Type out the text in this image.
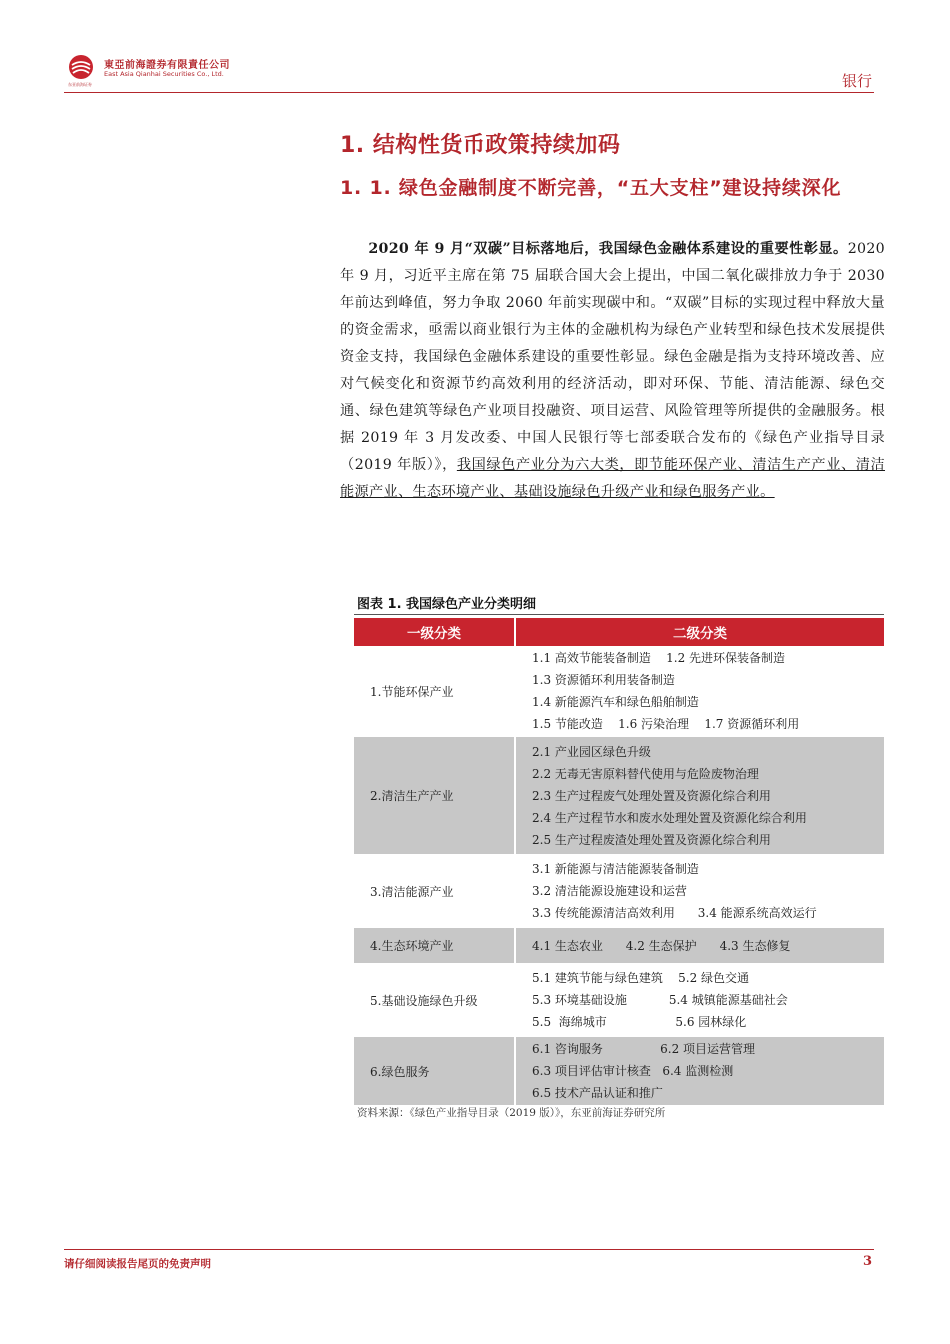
東亞前海證券有限責任公司
East Asia Qianhai Securities Co., Ltd.
东亚前海证券	银行
1. 结构性货币政策持续加码
1. 1. 绿色金融制度不断完善，“五大支柱”建设持续深化
2020 年 9 月“双碳”目标落地后，我国绿色金融体系建设的重要性彰显。2020 年 9 月，习近平主席在第 75 届联合国大会上提出，中国二氧化碳排放力争于 2030 年前达到峰值，努力争取 2060 年前实现碳中和。“双碳”目标的实现过程中释放大量的资金需求，亟需以商业银行为主体的金融机构为绿色产业转型和绿色技术发展提供资金支持，我国绿色金融体系建设的重要性彰显。绿色金融是指为支持环境改善、应对气候变化和资源节约高效利用的经济活动，即对环保、节能、清洁能源、绿色交通、绿色建筑等绿色产业项目投融资、项目运营、风险管理等所提供的金融服务。根据 2019 年 3 月发改委、中国人民银行等七部委联合发布的《绿色产业指导目录（2019 年版）》，我国绿色产业分为六大类，即节能环保产业、清洁生产产业、清洁能源产业、生态环境产业、基础设施绿色升级产业和绿色服务产业。
图表 1. 我国绿色产业分类明细
一级分类	二级分类
1.节能环保产业	1.1 高效节能装备制造    1.2 先进环保装备制造
1.3 资源循环利用装备制造
1.4 新能源汽车和绿色船舶制造
1.5 节能改造    1.6 污染治理    1.7 资源循环利用

2.清洁生产产业	2.1 产业园区绿色升级
2.2 无毒无害原料替代使用与危险废物治理
2.3 生产过程废气处理处置及资源化综合利用
2.4 生产过程节水和废水处理处置及资源化综合利用
2.5 生产过程废渣处理处置及资源化综合利用

3.清洁能源产业	3.1 新能源与清洁能源装备制造
3.2 清洁能源设施建设和运营
3.3 传统能源清洁高效利用      3.4 能源系统高效运行

4.生态环境产业	4.1 生态农业      4.2 生态保护      4.3 生态修复

5.基础设施绿色升级	5.1 建筑节能与绿色建筑    5.2 绿色交通
5.3 环境基础设施           5.4 城镇能源基础社会
5.5  海绵城市                  5.6 园林绿化

6.绿色服务	6.1 咨询服务               6.2 项目运营管理
6.3 项目评估审计核查   6.4 监测检测
6.5 技术产品认证和推广
资料来源：《绿色产业指导目录（2019 版）》，东亚前海证券研究所
请仔细阅读报告尾页的免责声明	3
